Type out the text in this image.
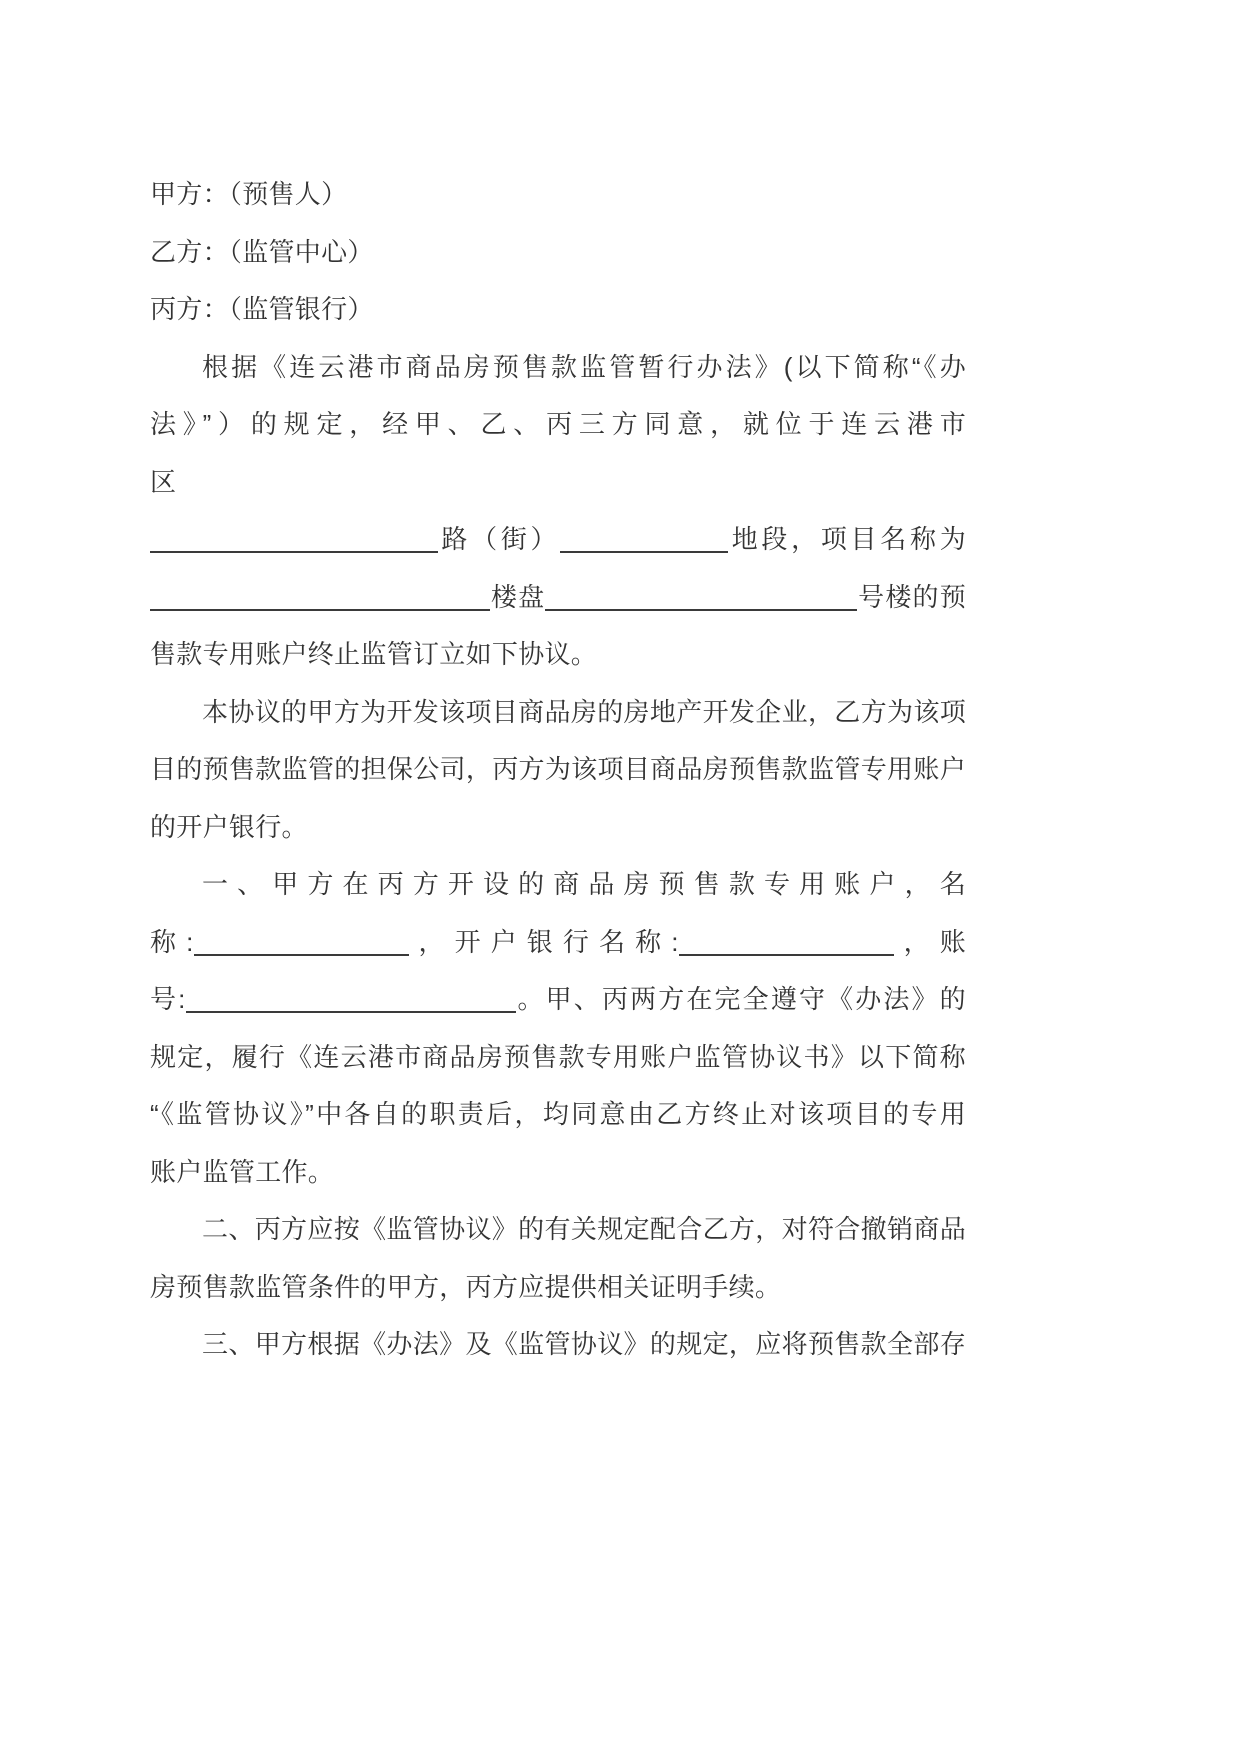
甲方：（预售人）
乙方：（监管中心）
丙方：（监管银行）
根据《连云港市商品房预售款监管暂行办法》(以下简称“《办
法》”）的规定，经甲、乙、丙三方同意，就位于连云港市
区
路（街）	地段，项目名称为
楼盘	号楼的预
售款专用账户终止监管订立如下协议。
本协议的甲方为开发该项目商品房的房地产开发企业，乙方为该项
目的预售款监管的担保公司，丙方为该项目商品房预售款监管专用账户
的开户银行。
一、甲方在丙方开设的商品房预售款专用账户，名
称:	，开户银行名称:	，账
号:	。甲、丙两方在完全遵守《办法》的
规定，履行《连云港市商品房预售款专用账户监管协议书》以下简称
“《监管协议》”中各自的职责后，均同意由乙方终止对该项目的专用
账户监管工作。
二、丙方应按《监管协议》的有关规定配合乙方，对符合撤销商品
房预售款监管条件的甲方，丙方应提供相关证明手续。
三、甲方根据《办法》及《监管协议》的规定，应将预售款全部存
